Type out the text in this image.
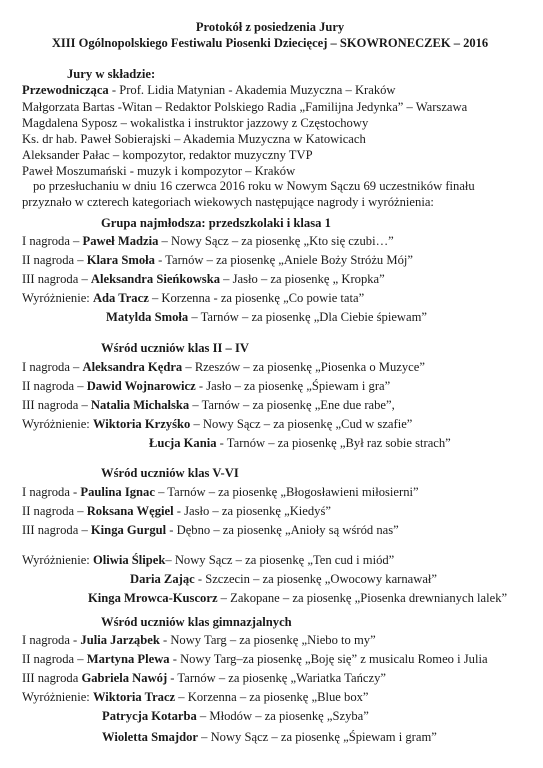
Protokół z posiedzenia Jury
XIII Ogólnopolskiego Festiwalu Piosenki Dziecięcej – SKOWRONECZEK – 2016
Jury w składzie:
Przewodnicząca - Prof. Lidia Matynian - Akademia Muzyczna – Kraków
Małgorzata Bartas -Witan – Redaktor Polskiego Radia „Familijna Jedynka” – Warszawa
Magdalena Syposz – wokalistka i instruktor jazzowy z Częstochowy
Ks. dr hab. Paweł Sobierajski – Akademia Muzyczna w Katowicach
Aleksander Pałac – kompozytor, redaktor muzyczny TVP
Paweł Moszumański - muzyk i kompozytor – Kraków
po przesłuchaniu w dniu 16 czerwca 2016 roku w Nowym Sączu 69 uczestników finału
przyznało w czterech kategoriach wiekowych następujące nagrody i wyróżnienia:
Grupa najmłodsza: przedszkolaki i klasa 1
I nagroda – Paweł Madzia – Nowy Sącz – za piosenkę „Kto się czubi…”
II nagroda – Klara Smoła - Tarnów – za piosenkę „Aniele Boży Stróżu Mój”
III nagroda – Aleksandra Sieńkowska – Jasło – za piosenkę „ Kropka”
Wyróżnienie: Ada Tracz – Korzenna - za piosenkę „Co powie tata”
Matylda Smoła – Tarnów – za piosenkę „Dla Ciebie śpiewam”
Wśród uczniów klas II – IV
I nagroda – Aleksandra Kędra – Rzeszów – za piosenkę „Piosenka o Muzyce”
II nagroda – Dawid Wojnarowicz - Jasło – za piosenkę „Śpiewam i gra”
III nagroda – Natalia Michalska – Tarnów – za piosenkę „Ene due rabe”,
Wyróżnienie: Wiktoria Krzyśko – Nowy Sącz – za piosenkę „Cud w szafie”
Łucja Kania - Tarnów – za piosenkę „Był raz sobie strach”
Wśród uczniów klas V-VI
I nagroda - Paulina Ignac – Tarnów – za piosenkę „Błogosławieni miłosierni”
II nagroda – Roksana Węgiel - Jasło – za piosenkę „Kiedyś”
III nagroda – Kinga Gurgul - Dębno – za piosenkę „Anioły są wśród nas”
Wyróżnienie: Oliwia Ślipek– Nowy Sącz – za piosenkę „Ten cud i miód”
Daria Zając - Szczecin – za piosenkę „Owocowy karnawał”
Kinga Mrowca-Kuscorz – Zakopane – za piosenkę „Piosenka drewnianych lalek”
Wśród uczniów klas gimnazjalnych
I nagroda - Julia Jarząbek - Nowy Targ – za piosenkę „Niebo to my”
II nagroda – Martyna Plewa - Nowy Targ–za piosenkę „Boję się” z musicalu Romeo i Julia
III nagroda Gabriela Nawój - Tarnów – za piosenkę „Wariatka Tańczy”
Wyróżnienie: Wiktoria Tracz – Korzenna – za piosenkę „Blue box”
Patrycja Kotarba – Młodów – za piosenkę „Szyba”
Wioletta Smajdor – Nowy Sącz – za piosenkę „Śpiewam i gram”
